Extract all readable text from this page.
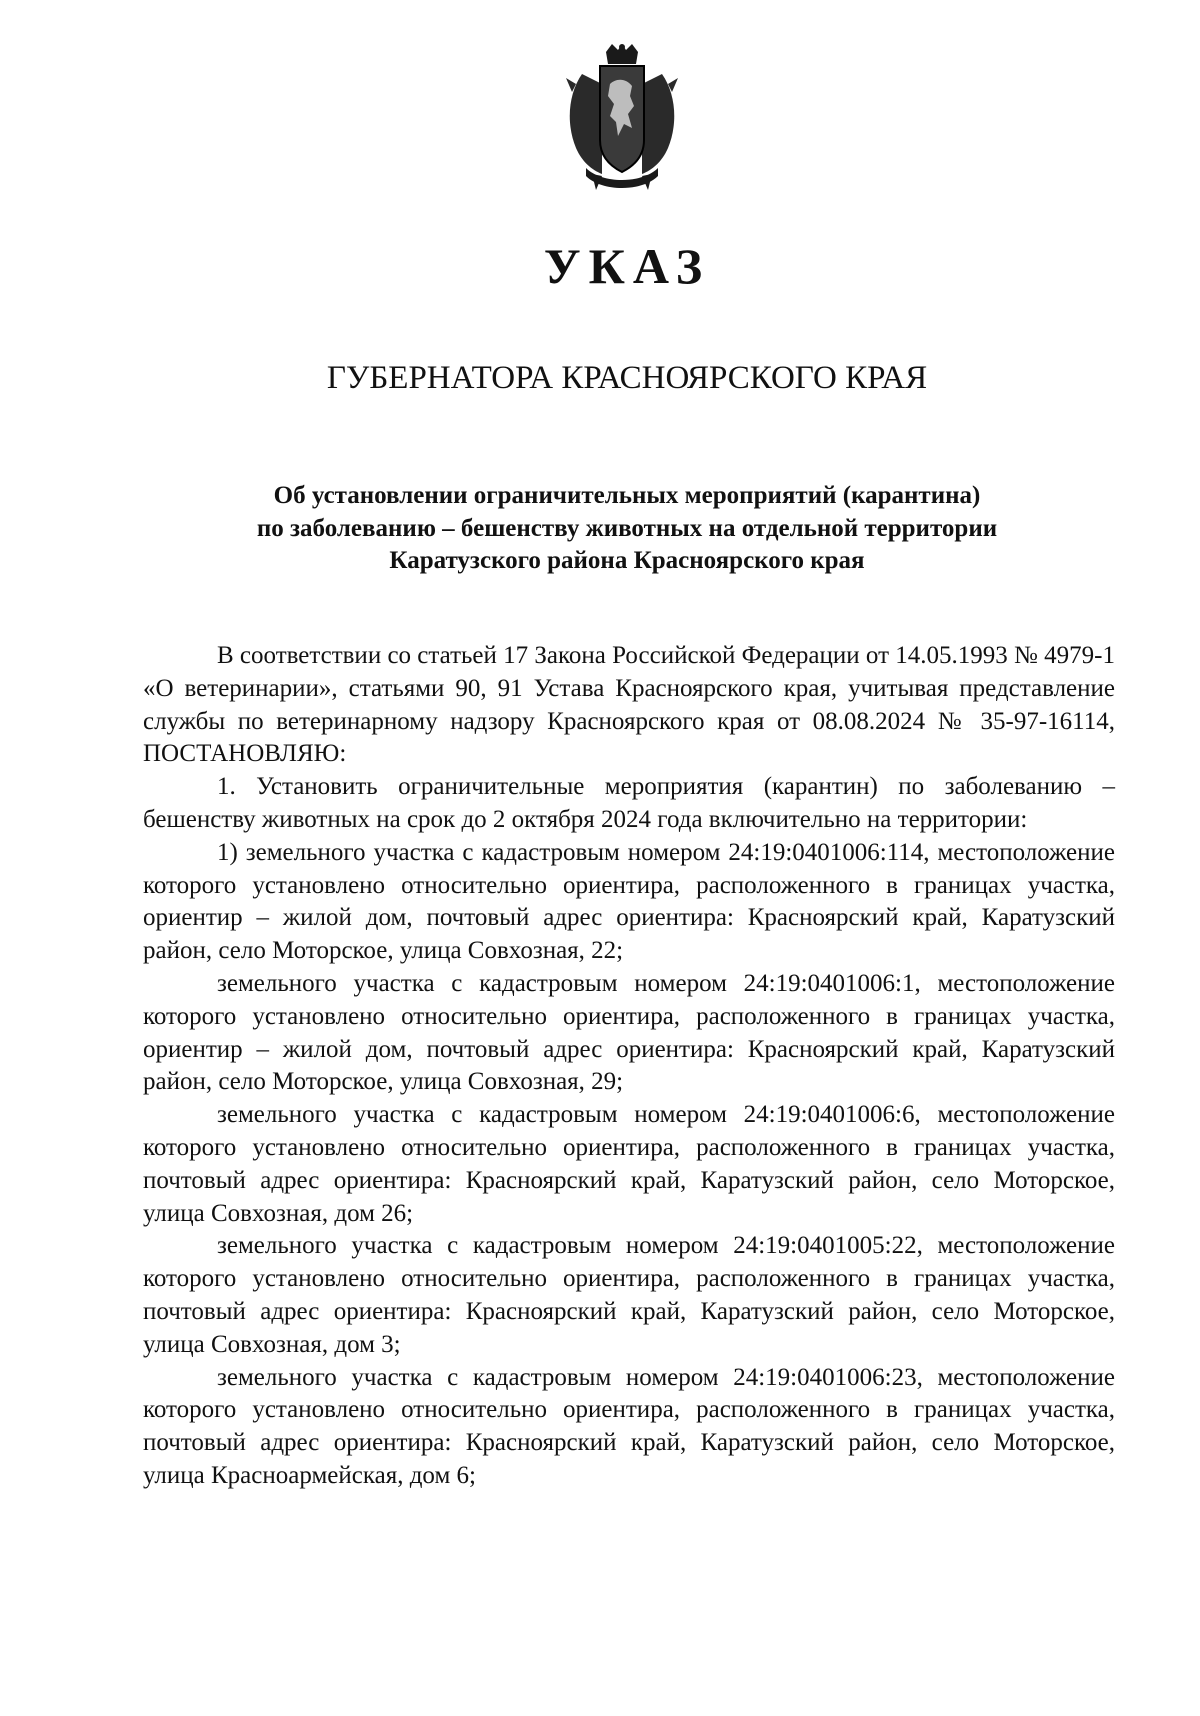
УКАЗ
ГУБЕРНАТОРА КРАСНОЯРСКОГО КРАЯ
Об установлении ограничительных мероприятий (карантина)
по заболеванию – бешенству животных на отдельной территории
Каратузского района Красноярского края

В соответствии со статьей 17 Закона Российской Федерации от 14.05.1993 № 4979-1 «О ветеринарии», статьями 90, 91 Устава Красноярского края, учитывая представление службы по ветеринарному надзору Красноярского края от 08.08.2024 № 35-97-16114, ПОСТАНОВЛЯЮ:

1. Установить ограничительные мероприятия (карантин) по заболеванию – бешенству животных на срок до 2 октября 2024 года включительно на территории:

1) земельного участка с кадастровым номером 24:19:0401006:114, местоположение которого установлено относительно ориентира, расположенного в границах участка, ориентир – жилой дом, почтовый адрес ориентира: Красноярский край, Каратузский район, село Моторское, улица Совхозная, 22;

земельного участка с кадастровым номером 24:19:0401006:1, местоположение которого установлено относительно ориентира, расположенного в границах участка, ориентир – жилой дом, почтовый адрес ориентира: Красноярский край, Каратузский район, село Моторское, улица Совхозная, 29;

земельного участка с кадастровым номером 24:19:0401006:6, местоположение которого установлено относительно ориентира, расположенного в границах участка, почтовый адрес ориентира: Красноярский край, Каратузский район, село Моторское, улица Совхозная, дом 26;

земельного участка с кадастровым номером 24:19:0401005:22, местоположение которого установлено относительно ориентира, расположенного в границах участка, почтовый адрес ориентира: Красноярский край, Каратузский район, село Моторское, улица Совхозная, дом 3;

земельного участка с кадастровым номером 24:19:0401006:23, местоположение которого установлено относительно ориентира, расположенного в границах участка, почтовый адрес ориентира: Красноярский край, Каратузский район, село Моторское, улица Красноармейская, дом 6;
